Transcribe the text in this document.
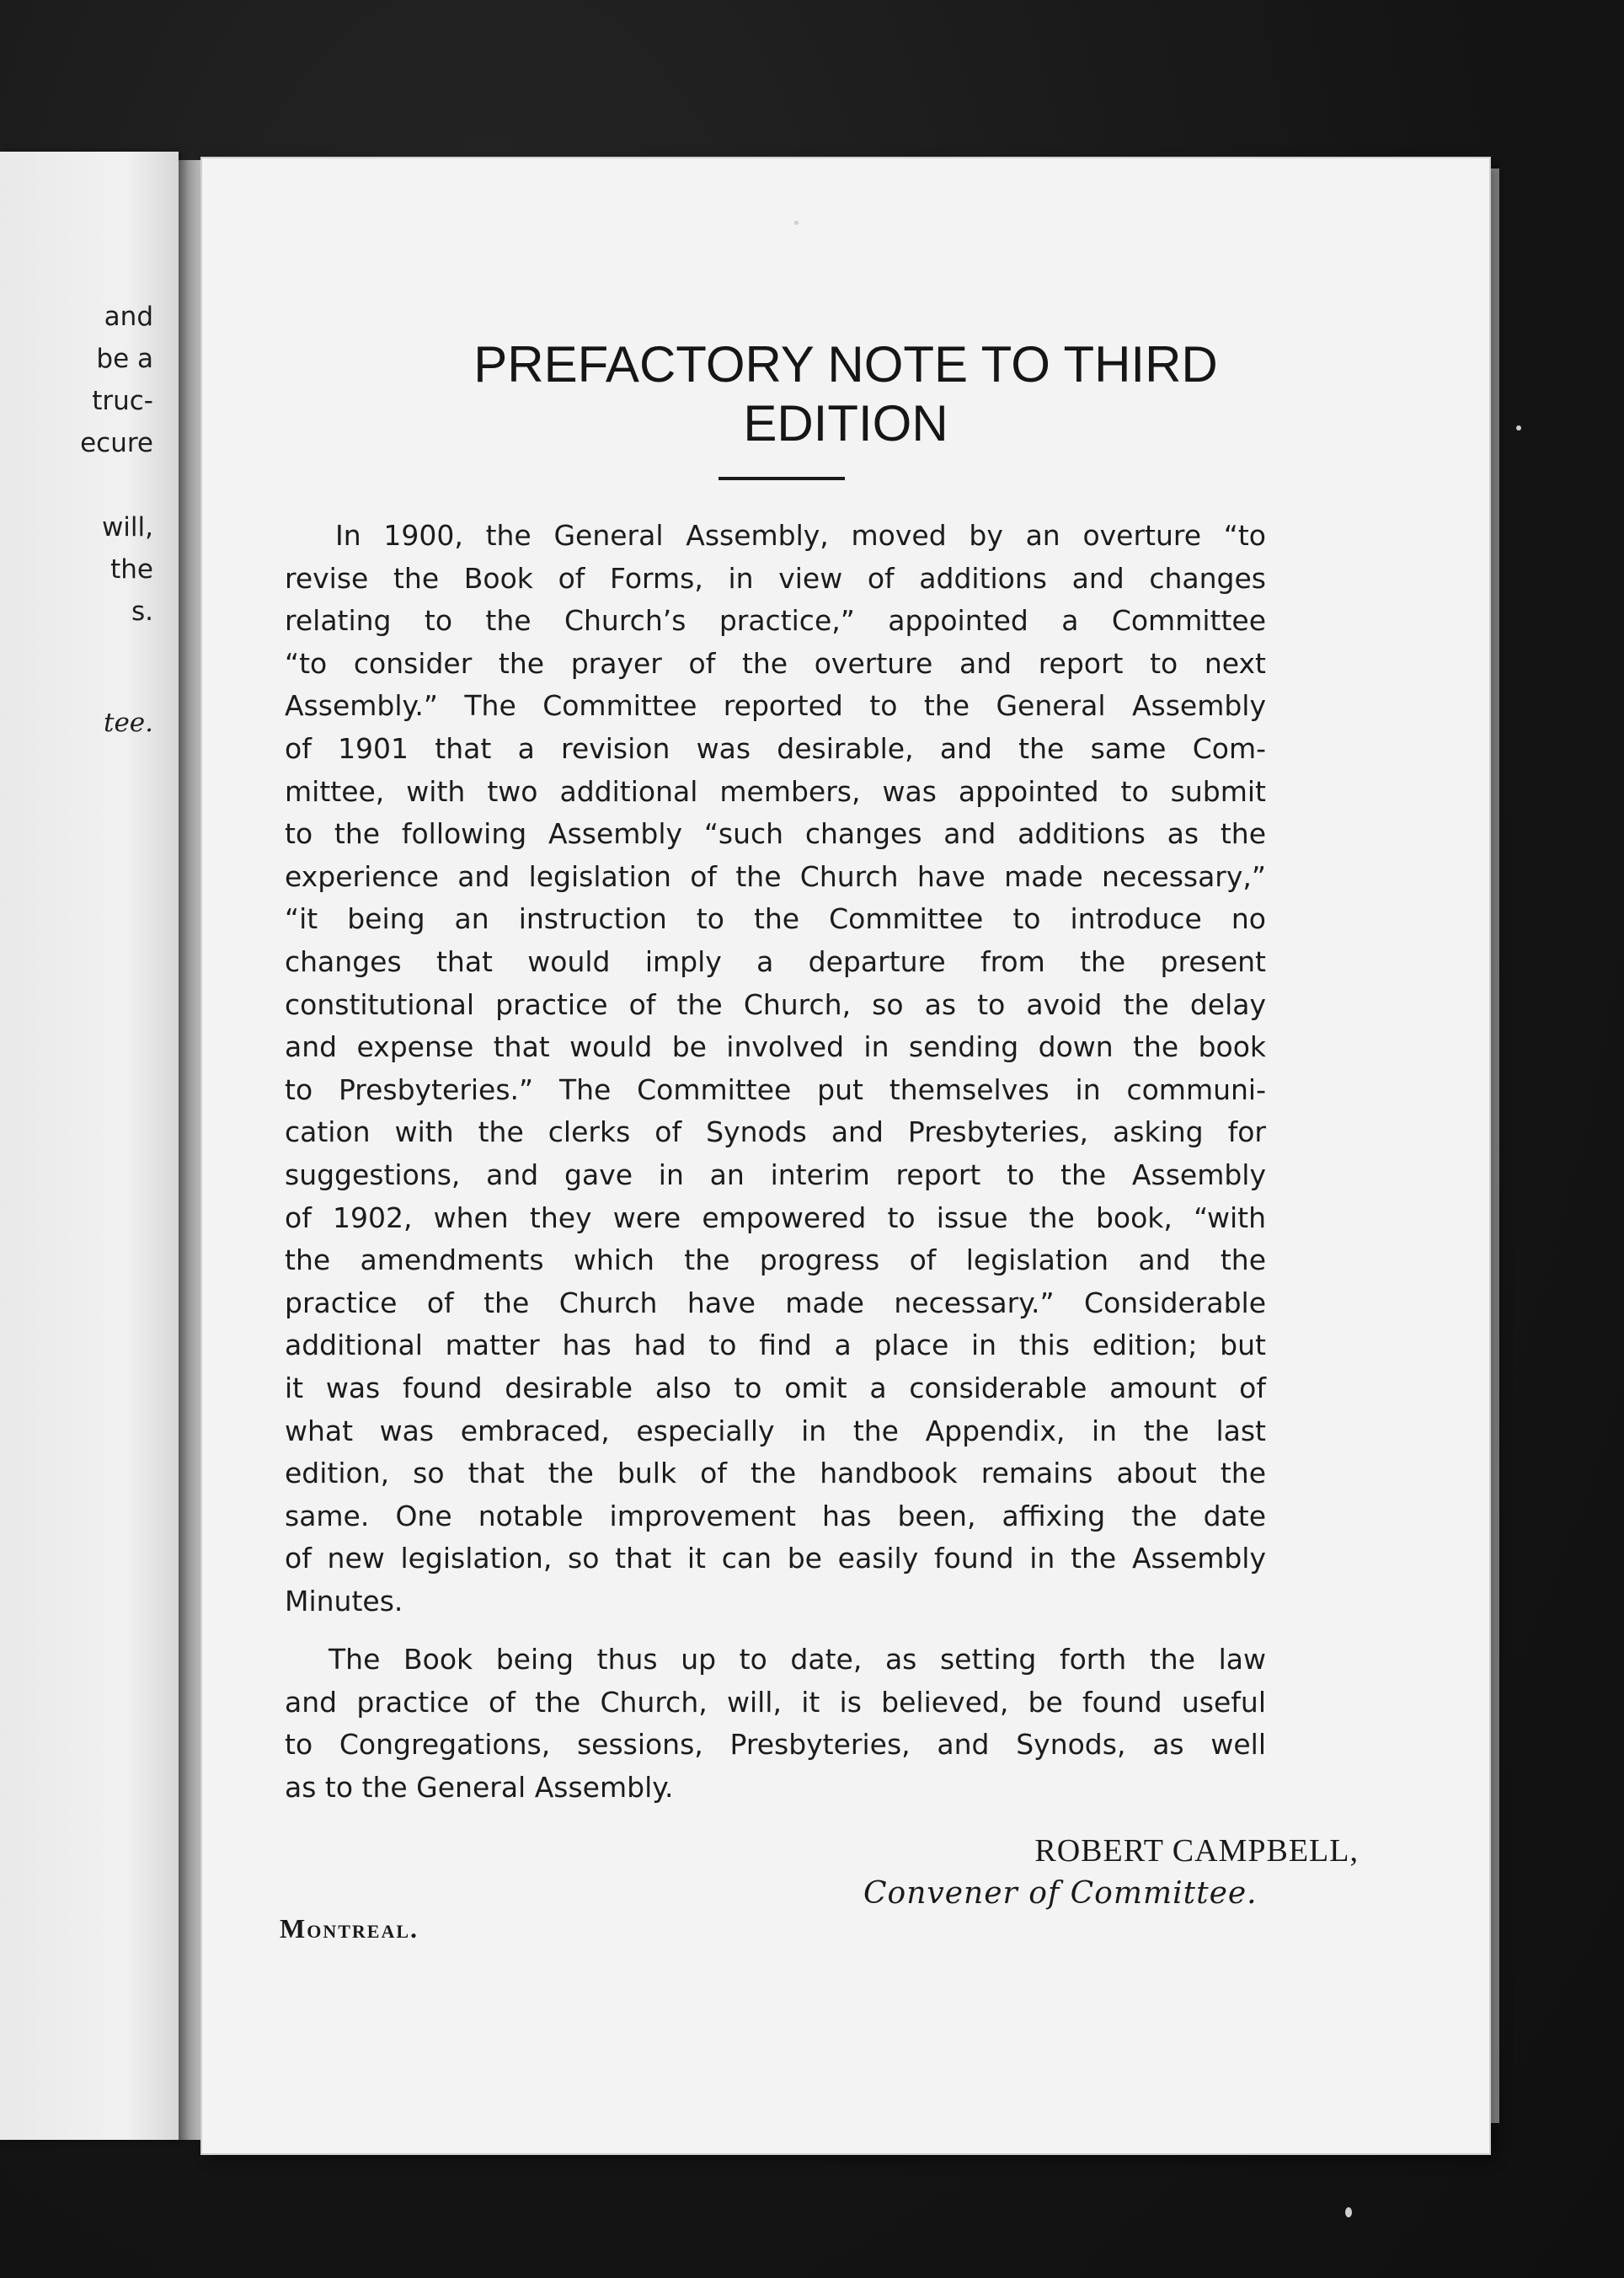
and

be a

truc-

ecure

will,

the

s.

tee.

PREFACTORY NOTE TO THIRD
EDITION

In 1900, the General Assembly, moved by an overture “to

revise the Book of Forms, in view of additions and changes

relating to the Church’s practice,” appointed a Committee

“to consider the prayer of the overture and report to next

Assembly.” The Committee reported to the General Assembly

of 1901 that a revision was desirable, and the same Com-

mittee, with two additional members, was appointed to submit

to the following Assembly “such changes and additions as the

experience and legislation of the Church have made necessary,”

“it being an instruction to the Committee to introduce no

changes that would imply a departure from the present

constitutional practice of the Church, so as to avoid the delay

and expense that would be involved in sending down the book

to Presbyteries.” The Committee put themselves in communi-

cation with the clerks of Synods and Presbyteries, asking for

suggestions, and gave in an interim report to the Assembly

of 1902, when they were empowered to issue the book, “with

the amendments which the progress of legislation and the

practice of the Church have made necessary.” Considerable

additional matter has had to find a place in this edition; but

it was found desirable also to omit a considerable amount of

what was embraced, especially in the Appendix, in the last

edition, so that the bulk of the handbook remains about the

same. One notable improvement has been, affixing the date

of new legislation, so that it can be easily found in the Assembly

Minutes.

The Book being thus up to date, as setting forth the law

and practice of the Church, will, it is believed, be found useful

to Congregations, sessions, Presbyteries, and Synods, as well

as to the General Assembly.

ROBERT CAMPBELL,

Convener of Committee.

Montreal.
